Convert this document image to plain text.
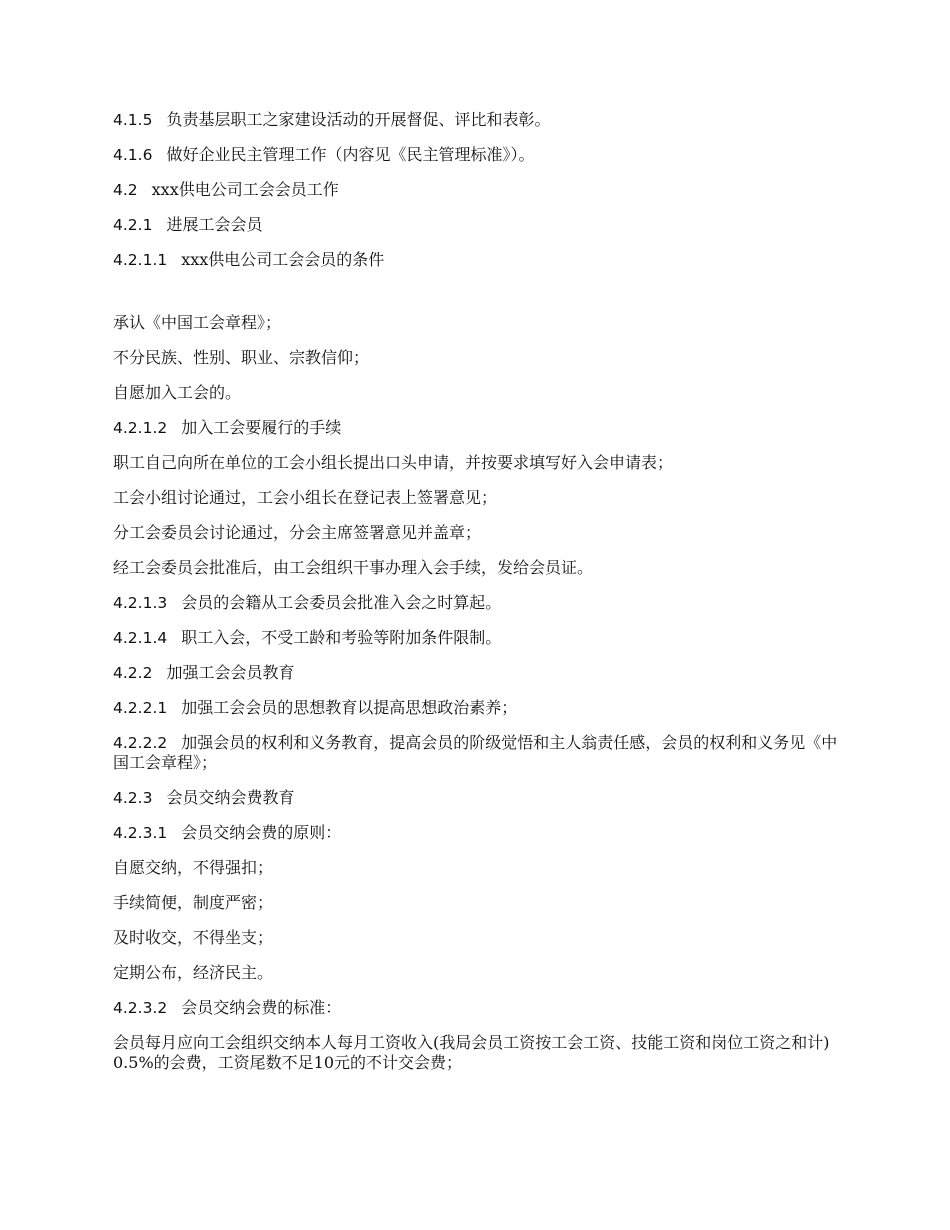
4.1.5 负责基层职工之家建设活动的开展督促、评比和表彰。

4.1.6 做好企业民主管理工作（内容见《民主管理标准》）。

4.2 xxx供电公司工会会员工作

4.2.1 进展工会会员

4.2.1.1 xxx供电公司工会会员的条件

承认《中国工会章程》；

不分民族、性别、职业、宗教信仰；

自愿加入工会的。

4.2.1.2 加入工会要履行的手续

职工自己向所在单位的工会小组长提出口头申请，并按要求填写好入会申请表；

工会小组讨论通过，工会小组长在登记表上签署意见；

分工会委员会讨论通过，分会主席签署意见并盖章；

经工会委员会批准后，由工会组织干事办理入会手续，发给会员证。

4.2.1.3 会员的会籍从工会委员会批准入会之时算起。

4.2.1.4 职工入会，不受工龄和考验等附加条件限制。

4.2.2 加强工会会员教育

4.2.2.1 加强工会会员的思想教育以提高思想政治素养；

4.2.2.2 加强会员的权利和义务教育，提高会员的阶级觉悟和主人翁责任感，会员的权利和义务见《中国工会章程》；

4.2.3 会员交纳会费教育

4.2.3.1 会员交纳会费的原则：

自愿交纳，不得强扣；

手续简便，制度严密；

及时收交，不得坐支；

定期公布，经济民主。

4.2.3.2 会员交纳会费的标准：

会员每月应向工会组织交纳本人每月工资收入(我局会员工资按工会工资、技能工资和岗位工资之和计)0.5%的会费，工资尾数不足10元的不计交会费；
